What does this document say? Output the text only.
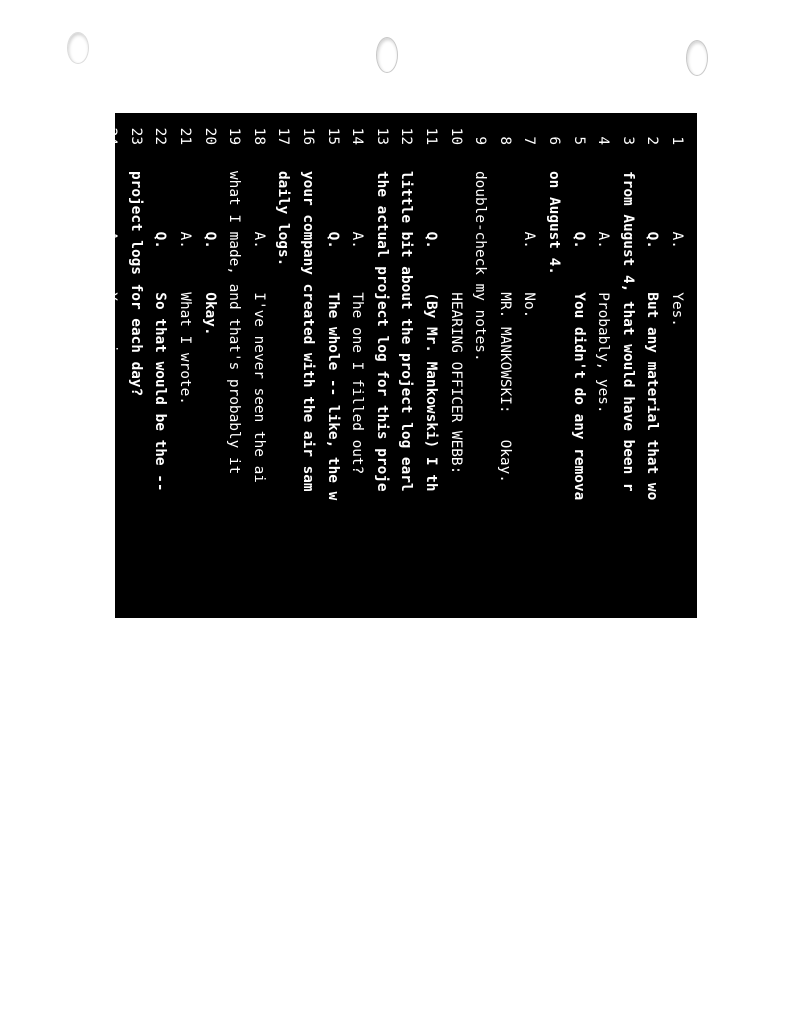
1
A.     Yes.
2
Q.     But any material that wo
3
from August 4, that would have been r
4
A.     Probably, yes.
5
Q.     You didn't do any remova
6
on August 4.
7
A.     No.
8
MR. MANKOWSKI:   Okay.
9
double-check my notes.
10
HEARING OFFICER WEBB:
11
Q.     (By Mr. Mankowski) I th
12
little bit about the project log earl
13
the actual project log for this proje
14
A.     The one I filled out?
15
Q.     The whole -- like, the w
16
your company created with the air sam
17
daily logs.
18
A.     I've never seen the ai
19
what I made, and that's probably it
20
Q.     Okay.
21
A.     What I wrote.
22
Q.     So that would be the --
23
project logs for each day?
24
A.     Yes, sir.
